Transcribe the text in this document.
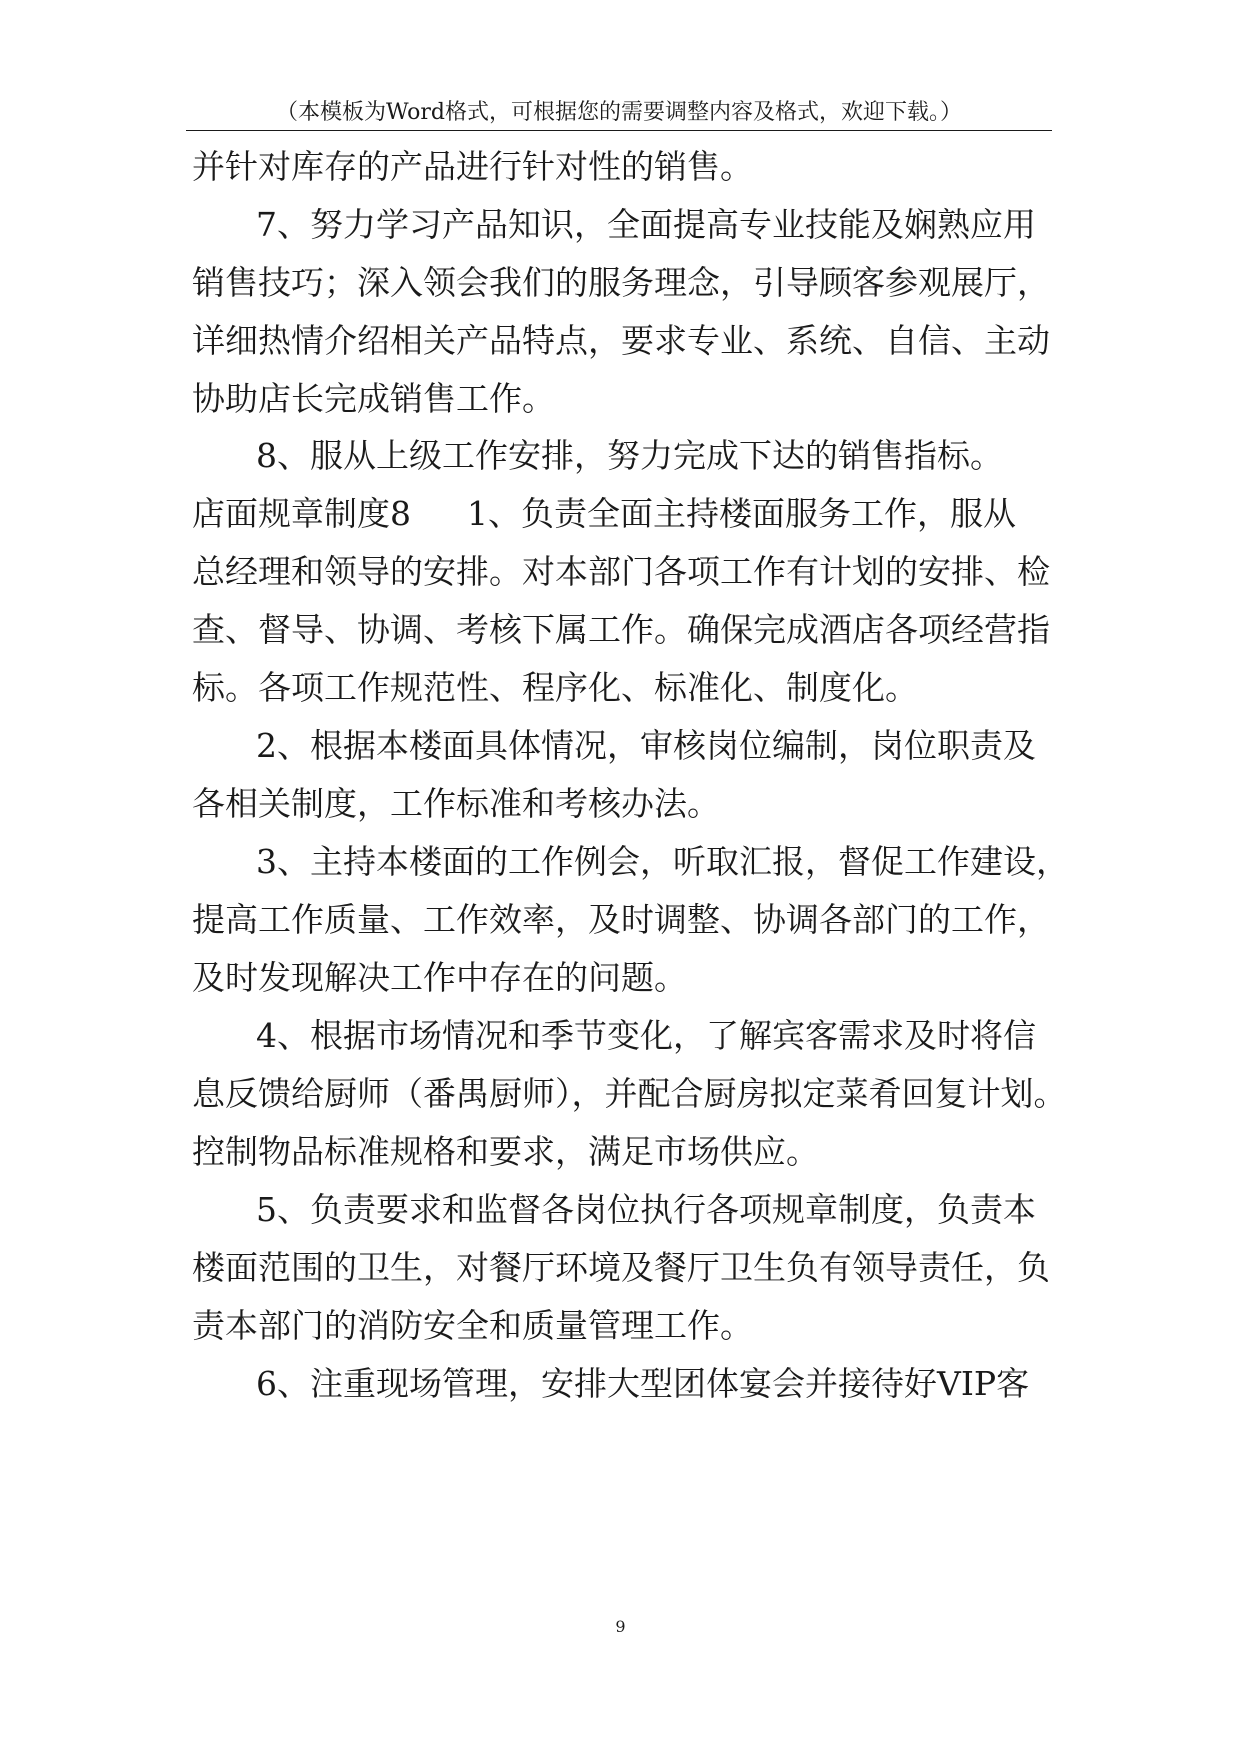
（本模板为Word格式，可根据您的需要调整内容及格式，欢迎下载。）
并针对库存的产品进行针对性的销售。
7、努力学习产品知识，全面提高专业技能及娴熟应用
销售技巧；深入领会我们的服务理念，引导顾客参观展厅，
详细热情介绍相关产品特点，要求专业、系统、自信、主动
协助店长完成销售工作。
8、服从上级工作安排，努力完成下达的销售指标。
店面规章制度8 1、负责全面主持楼面服务工作，服从
总经理和领导的安排。对本部门各项工作有计划的安排、检
查、督导、协调、考核下属工作。确保完成酒店各项经营指
标。各项工作规范性、程序化、标准化、制度化。
2、根据本楼面具体情况，审核岗位编制，岗位职责及
各相关制度，工作标准和考核办法。
3、主持本楼面的工作例会，听取汇报，督促工作建设，
提高工作质量、工作效率，及时调整、协调各部门的工作，
及时发现解决工作中存在的问题。
4、根据市场情况和季节变化，了解宾客需求及时将信
息反馈给厨师（番禺厨师），并配合厨房拟定菜肴回复计划。
控制物品标准规格和要求，满足市场供应。
5、负责要求和监督各岗位执行各项规章制度，负责本
楼面范围的卫生，对餐厅环境及餐厅卫生负有领导责任，负
责本部门的消防安全和质量管理工作。
6、注重现场管理，安排大型团体宴会并接待好VIP客
9
